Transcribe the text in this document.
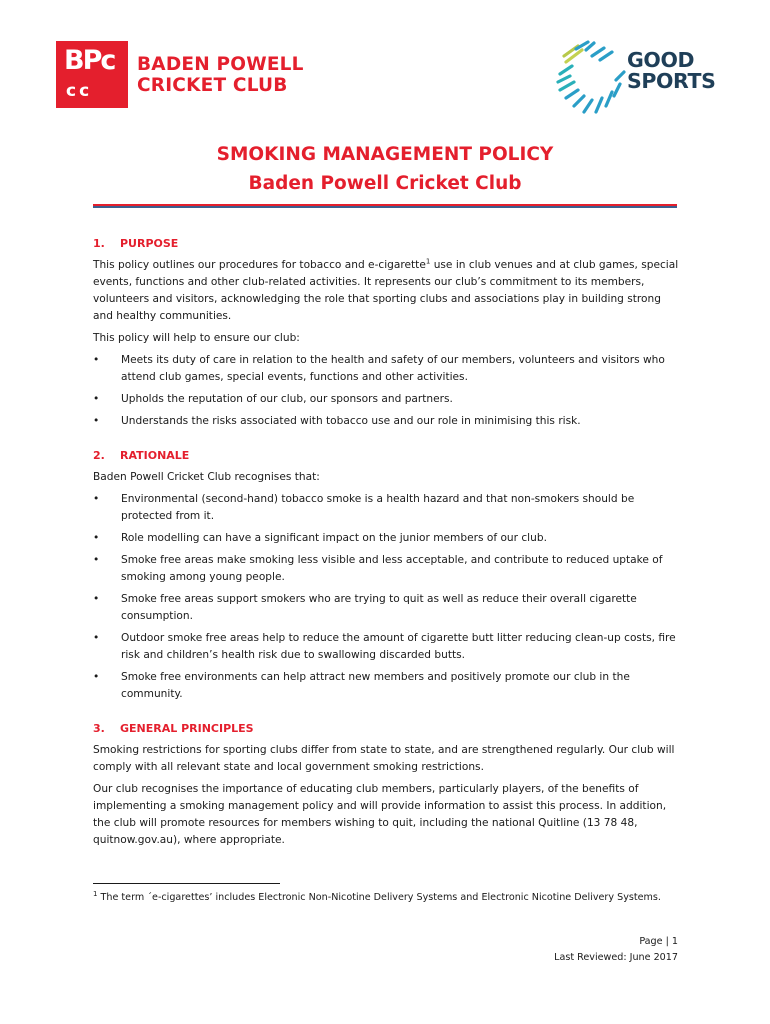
BPc
cc
BADEN POWELL
CRICKET CLUB
GOOD
SPORTS
SMOKING MANAGEMENT POLICY
Baden Powell Cricket Club
1.	PURPOSE

This policy outlines our procedures for tobacco and e-cigarette$^1$ use in club venues and at club games, special events, functions and other club-related activities. It represents our club’s commitment to its members, volunteers and visitors, acknowledging the role that sporting clubs and associations play in building strong and healthy communities.

This policy will help to ensure our club:

•	Meets its duty of care in relation to the health and safety of our members, volunteers and visitors who attend club games, special events, functions and other activities.
•	Upholds the reputation of our club, our sponsors and partners.
•	Understands the risks associated with tobacco use and our role in minimising this risk.
2.	RATIONALE

Baden Powell Cricket Club recognises that:

•	Environmental (second-hand) tobacco smoke is a health hazard and that non-smokers should be protected from it.
•	Role modelling can have a significant impact on the junior members of our club.
•	Smoke free areas make smoking less visible and less acceptable, and contribute to reduced uptake of smoking among young people.
•	Smoke free areas support smokers who are trying to quit as well as reduce their overall cigarette consumption.
•	Outdoor smoke free areas help to reduce the amount of cigarette butt litter reducing clean-up costs, fire risk and children’s health risk due to swallowing discarded butts.
•	Smoke free environments can help attract new members and positively promote our club in the community.
3.	GENERAL PRINCIPLES

Smoking restrictions for sporting clubs differ from state to state, and are strengthened regularly. Our club will comply with all relevant state and local government smoking restrictions.

Our club recognises the importance of educating club members, particularly players, of the benefits of implementing a smoking management policy and will provide information to assist this process. In addition, the club will promote resources for members wishing to quit, including the national Quitline (13 78 48, quitnow.gov.au), where appropriate.

$^1$ The term ´e-cigarettes’ includes Electronic Non-Nicotine Delivery Systems and Electronic Nicotine Delivery Systems.
Page | 1
Last Reviewed: June 2017
